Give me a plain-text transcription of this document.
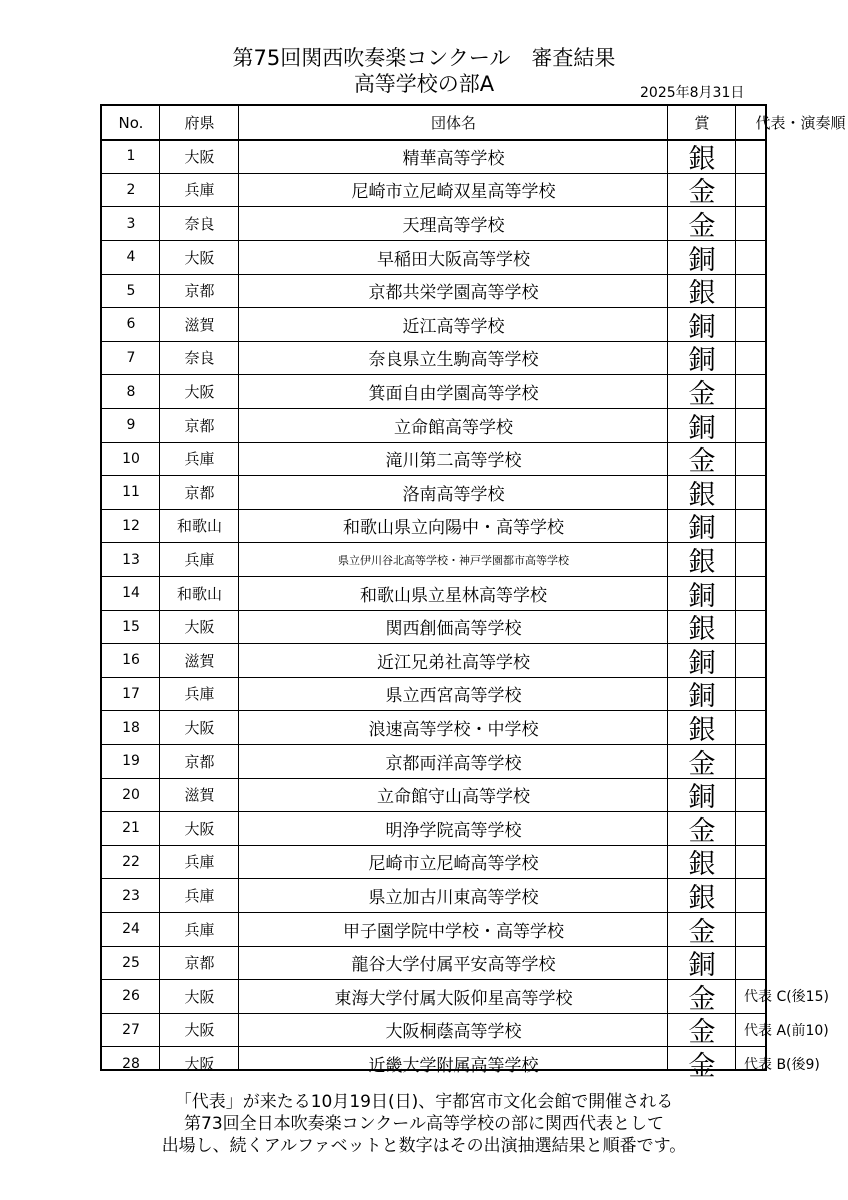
第75回関西吹奏楽コンクール　審査結果
高等学校の部A	2025年8月31日
No.	府県	団体名	賞	代表・演奏順
1	大阪	精華高等学校	銀
2	兵庫	尼崎市立尼崎双星高等学校	金
3	奈良	天理高等学校	金
4	大阪	早稲田大阪高等学校	銅
5	京都	京都共栄学園高等学校	銀
6	滋賀	近江高等学校	銅
7	奈良	奈良県立生駒高等学校	銅
8	大阪	箕面自由学園高等学校	金
9	京都	立命館高等学校	銅
10	兵庫	滝川第二高等学校	金
11	京都	洛南高等学校	銀
12	和歌山	和歌山県立向陽中・高等学校	銅
13	兵庫	県立伊川谷北高等学校・神戸学園都市高等学校	銀
14	和歌山	和歌山県立星林高等学校	銅
15	大阪	関西創価高等学校	銀
16	滋賀	近江兄弟社高等学校	銅
17	兵庫	県立西宮高等学校	銅
18	大阪	浪速高等学校・中学校	銀
19	京都	京都両洋高等学校	金
20	滋賀	立命館守山高等学校	銅
21	大阪	明浄学院高等学校	金
22	兵庫	尼崎市立尼崎高等学校	銀
23	兵庫	県立加古川東高等学校	銀
24	兵庫	甲子園学院中学校・高等学校	金
25	京都	龍谷大学付属平安高等学校	銅
26	大阪	東海大学付属大阪仰星高等学校	金	代表 C(後15)
27	大阪	大阪桐蔭高等学校	金	代表 A(前10)
28	大阪	近畿大学附属高等学校	金	代表 B(後9)
「代表」が来たる10月19日(日)、宇都宮市文化会館で開催される
第73回全日本吹奏楽コンクール高等学校の部に関西代表として
出場し、続くアルファベットと数字はその出演抽選結果と順番です。
